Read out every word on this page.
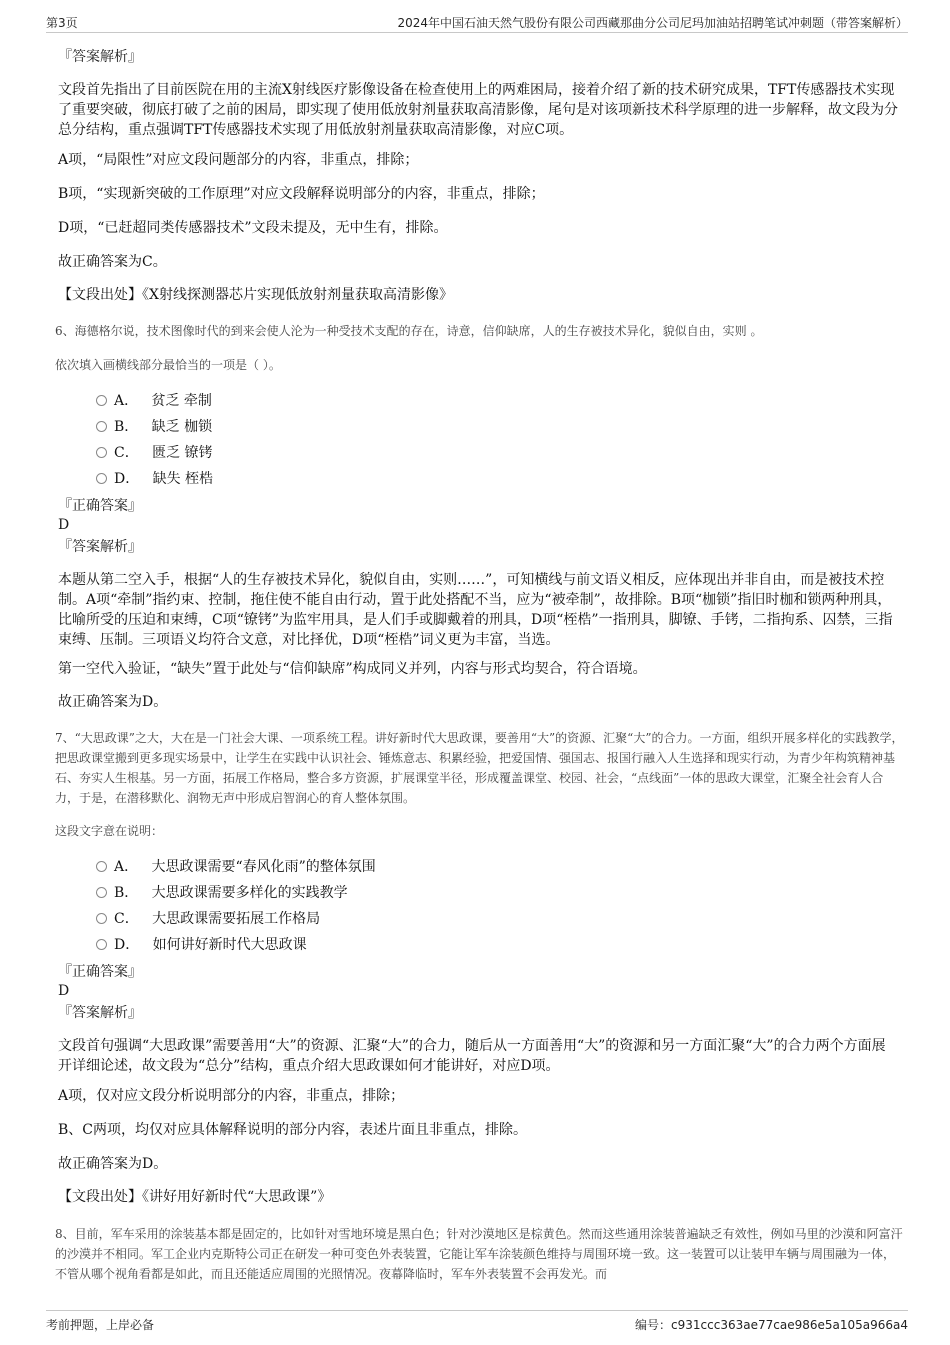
第3页	2024年中国石油天然气股份有限公司西藏那曲分公司尼玛加油站招聘笔试冲刺题（带答案解析）
『答案解析』
文段首先指出了目前医院在用的主流X射线医疗影像设备在检查使用上的两难困局，接着介绍了新的技术研究成果，TFT传感器技术实现了重要突破，彻底打破了之前的困局，即实现了使用低放射剂量获取高清影像，尾句是对该项新技术科学原理的进一步解释，故文段为分总分结构，重点强调TFT传感器技术实现了用低放射剂量获取高清影像，对应C项。
A项，“局限性”对应文段问题部分的内容，非重点，排除；
B项，“实现新突破的工作原理”对应文段解释说明部分的内容，非重点，排除；
D项，“已赶超同类传感器技术”文段未提及，无中生有，排除。
故正确答案为C。
【文段出处】《X射线探测器芯片实现低放射剂量获取高清影像》
6、海德格尔说，技术图像时代的到来会使人沦为一种受技术支配的存在，诗意，信仰缺席，人的生存被技术异化，貌似自由，实则 。
依次填入画横线部分最恰当的一项是（ ）。
A． 贫乏 牵制
B． 缺乏 枷锁
C． 匮乏 镣铐
D． 缺失 桎梏
『正确答案』
D
『答案解析』
本题从第二空入手，根据“人的生存被技术异化，貌似自由，实则……”，可知横线与前文语义相反，应体现出并非自由，而是被技术控制。A项“牵制”指约束、控制，拖住使不能自由行动，置于此处搭配不当，应为“被牵制”，故排除。B项“枷锁”指旧时枷和锁两种刑具，比喻所受的压迫和束缚，C项“镣铐”为监牢用具，是人们手或脚戴着的刑具，D项“桎梏”一指刑具，脚镣、手铐，二指拘系、囚禁，三指束缚、压制。三项语义均符合文意，对比择优，D项“桎梏”词义更为丰富，当选。
第一空代入验证，“缺失”置于此处与“信仰缺席”构成同义并列，内容与形式均契合，符合语境。
故正确答案为D。
7、“大思政课”之大，大在是一门社会大课、一项系统工程。讲好新时代大思政课，要善用“大”的资源、汇聚“大”的合力。一方面，组织开展多样化的实践教学，把思政课堂搬到更多现实场景中，让学生在实践中认识社会、锤炼意志、积累经验，把爱国情、强国志、报国行融入人生选择和现实行动，为青少年构筑精神基石、夯实人生根基。另一方面，拓展工作格局，整合多方资源，扩展课堂半径，形成覆盖课堂、校园、社会，“点线面”一体的思政大课堂，汇聚全社会育人合力，于是，在潜移默化、润物无声中形成启智润心的育人整体氛围。
这段文字意在说明：
A． 大思政课需要“春风化雨”的整体氛围
B． 大思政课需要多样化的实践教学
C． 大思政课需要拓展工作格局
D． 如何讲好新时代大思政课
『正确答案』
D
『答案解析』
文段首句强调“大思政课”需要善用“大”的资源、汇聚“大”的合力，随后从一方面善用“大”的资源和另一方面汇聚“大”的合力两个方面展开详细论述，故文段为“总分”结构，重点介绍大思政课如何才能讲好，对应D项。
A项，仅对应文段分析说明部分的内容，非重点，排除；
B、C两项，均仅对应具体解释说明的部分内容，表述片面且非重点，排除。
故正确答案为D。
【文段出处】《讲好用好新时代“大思政课”》
8、目前，军车采用的涂装基本都是固定的，比如针对雪地环境是黑白色；针对沙漠地区是棕黄色。然而这些通用涂装普遍缺乏有效性，例如马里的沙漠和阿富汗的沙漠并不相同。军工企业内克斯特公司正在研发一种可变色外表装置，它能让军车涂装颜色维持与周围环境一致。这一装置可以让装甲车辆与周围融为一体，不管从哪个视角看都是如此，而且还能适应周围的光照情况。夜幕降临时，军车外表装置不会再发光。而
考前押题，上岸必备	编号：c931ccc363ae77cae986e5a105a966a4
